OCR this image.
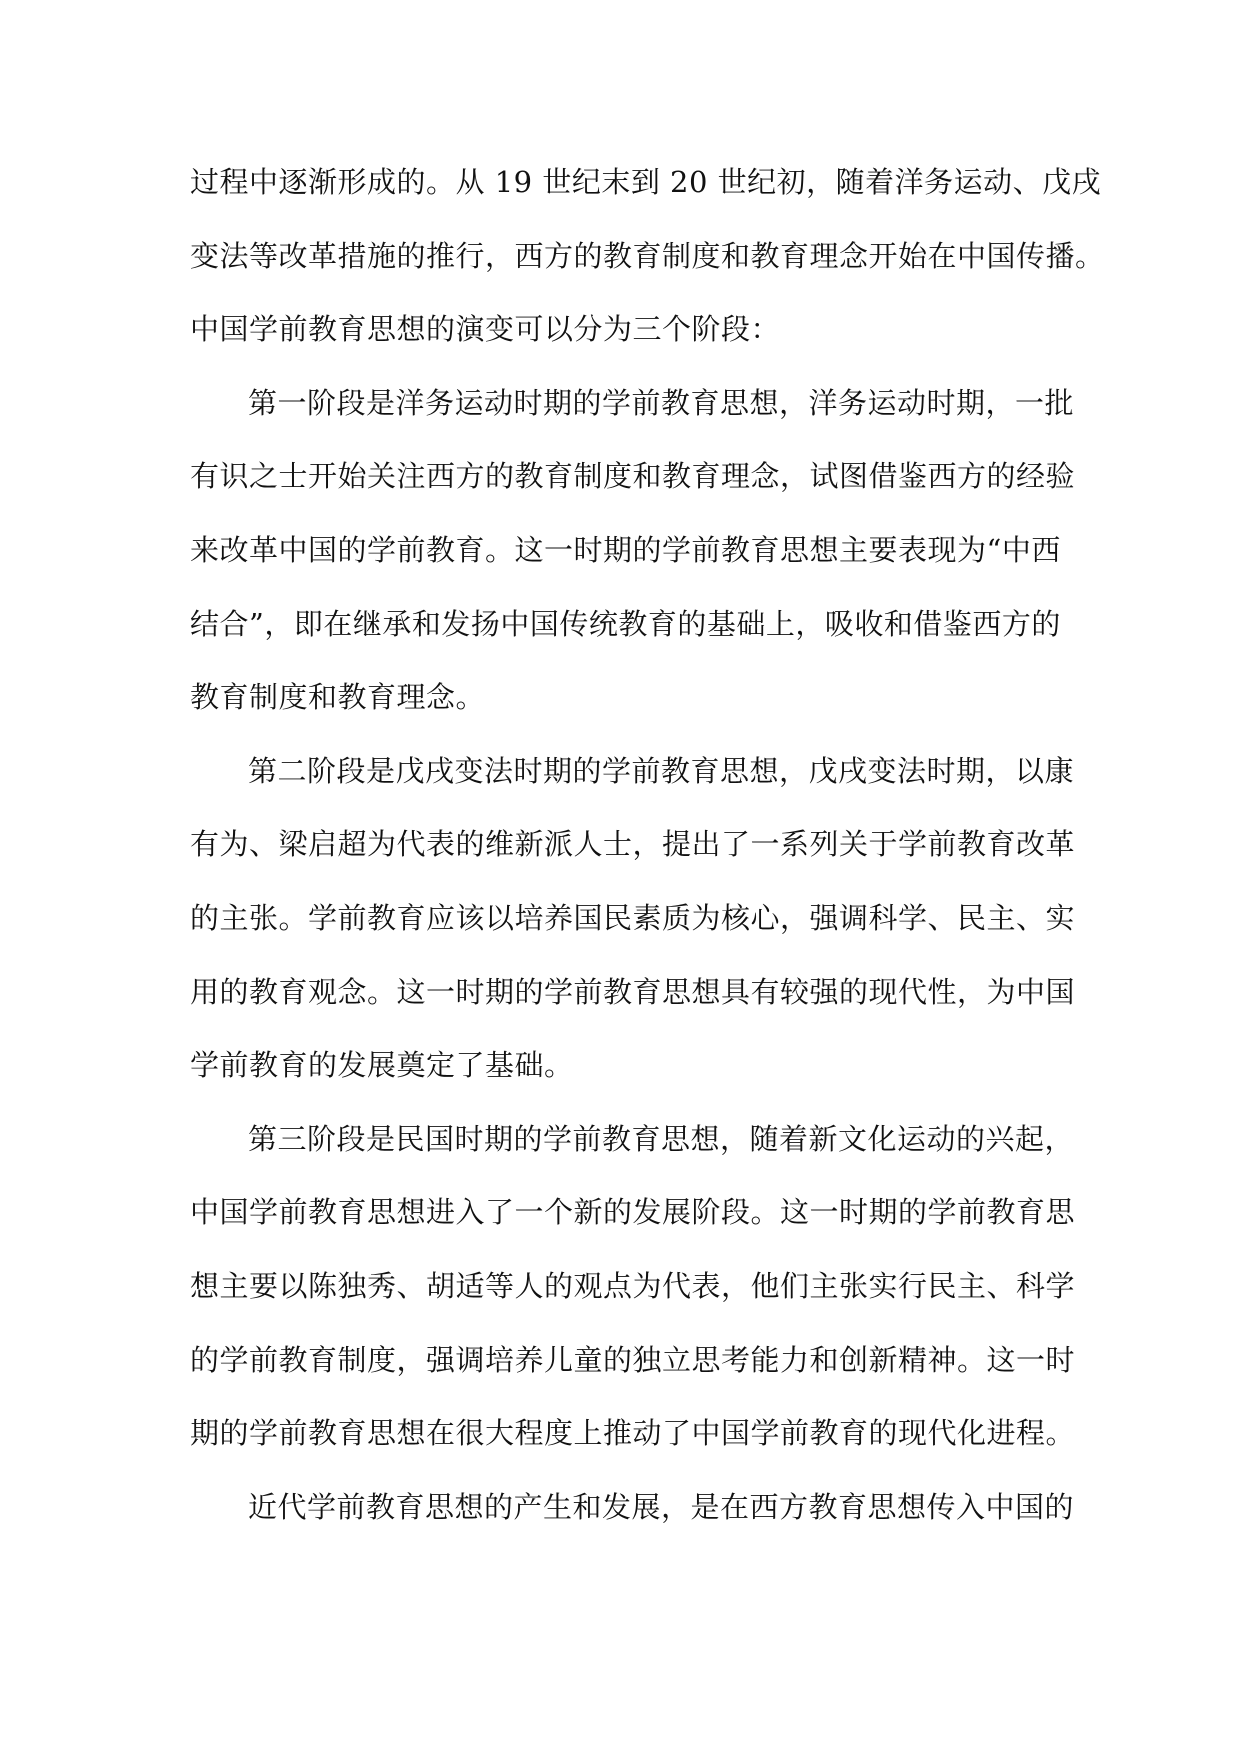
过程中逐渐形成的。从 19 世纪末到 20 世纪初，随着洋务运动、戊戌
变法等改革措施的推行，西方的教育制度和教育理念开始在中国传播。
中国学前教育思想的演变可以分为三个阶段：
第一阶段是洋务运动时期的学前教育思想，洋务运动时期，一批
有识之士开始关注西方的教育制度和教育理念，试图借鉴西方的经验
来改革中国的学前教育。这一时期的学前教育思想主要表现为“中西
结合”，即在继承和发扬中国传统教育的基础上，吸收和借鉴西方的
教育制度和教育理念。
第二阶段是戊戌变法时期的学前教育思想，戊戌变法时期，以康
有为、梁启超为代表的维新派人士，提出了一系列关于学前教育改革
的主张。学前教育应该以培养国民素质为核心，强调科学、民主、实
用的教育观念。这一时期的学前教育思想具有较强的现代性，为中国
学前教育的发展奠定了基础。
第三阶段是民国时期的学前教育思想，随着新文化运动的兴起，
中国学前教育思想进入了一个新的发展阶段。这一时期的学前教育思
想主要以陈独秀、胡适等人的观点为代表，他们主张实行民主、科学
的学前教育制度，强调培养儿童的独立思考能力和创新精神。这一时
期的学前教育思想在很大程度上推动了中国学前教育的现代化进程。
近代学前教育思想的产生和发展，是在西方教育思想传入中国的
